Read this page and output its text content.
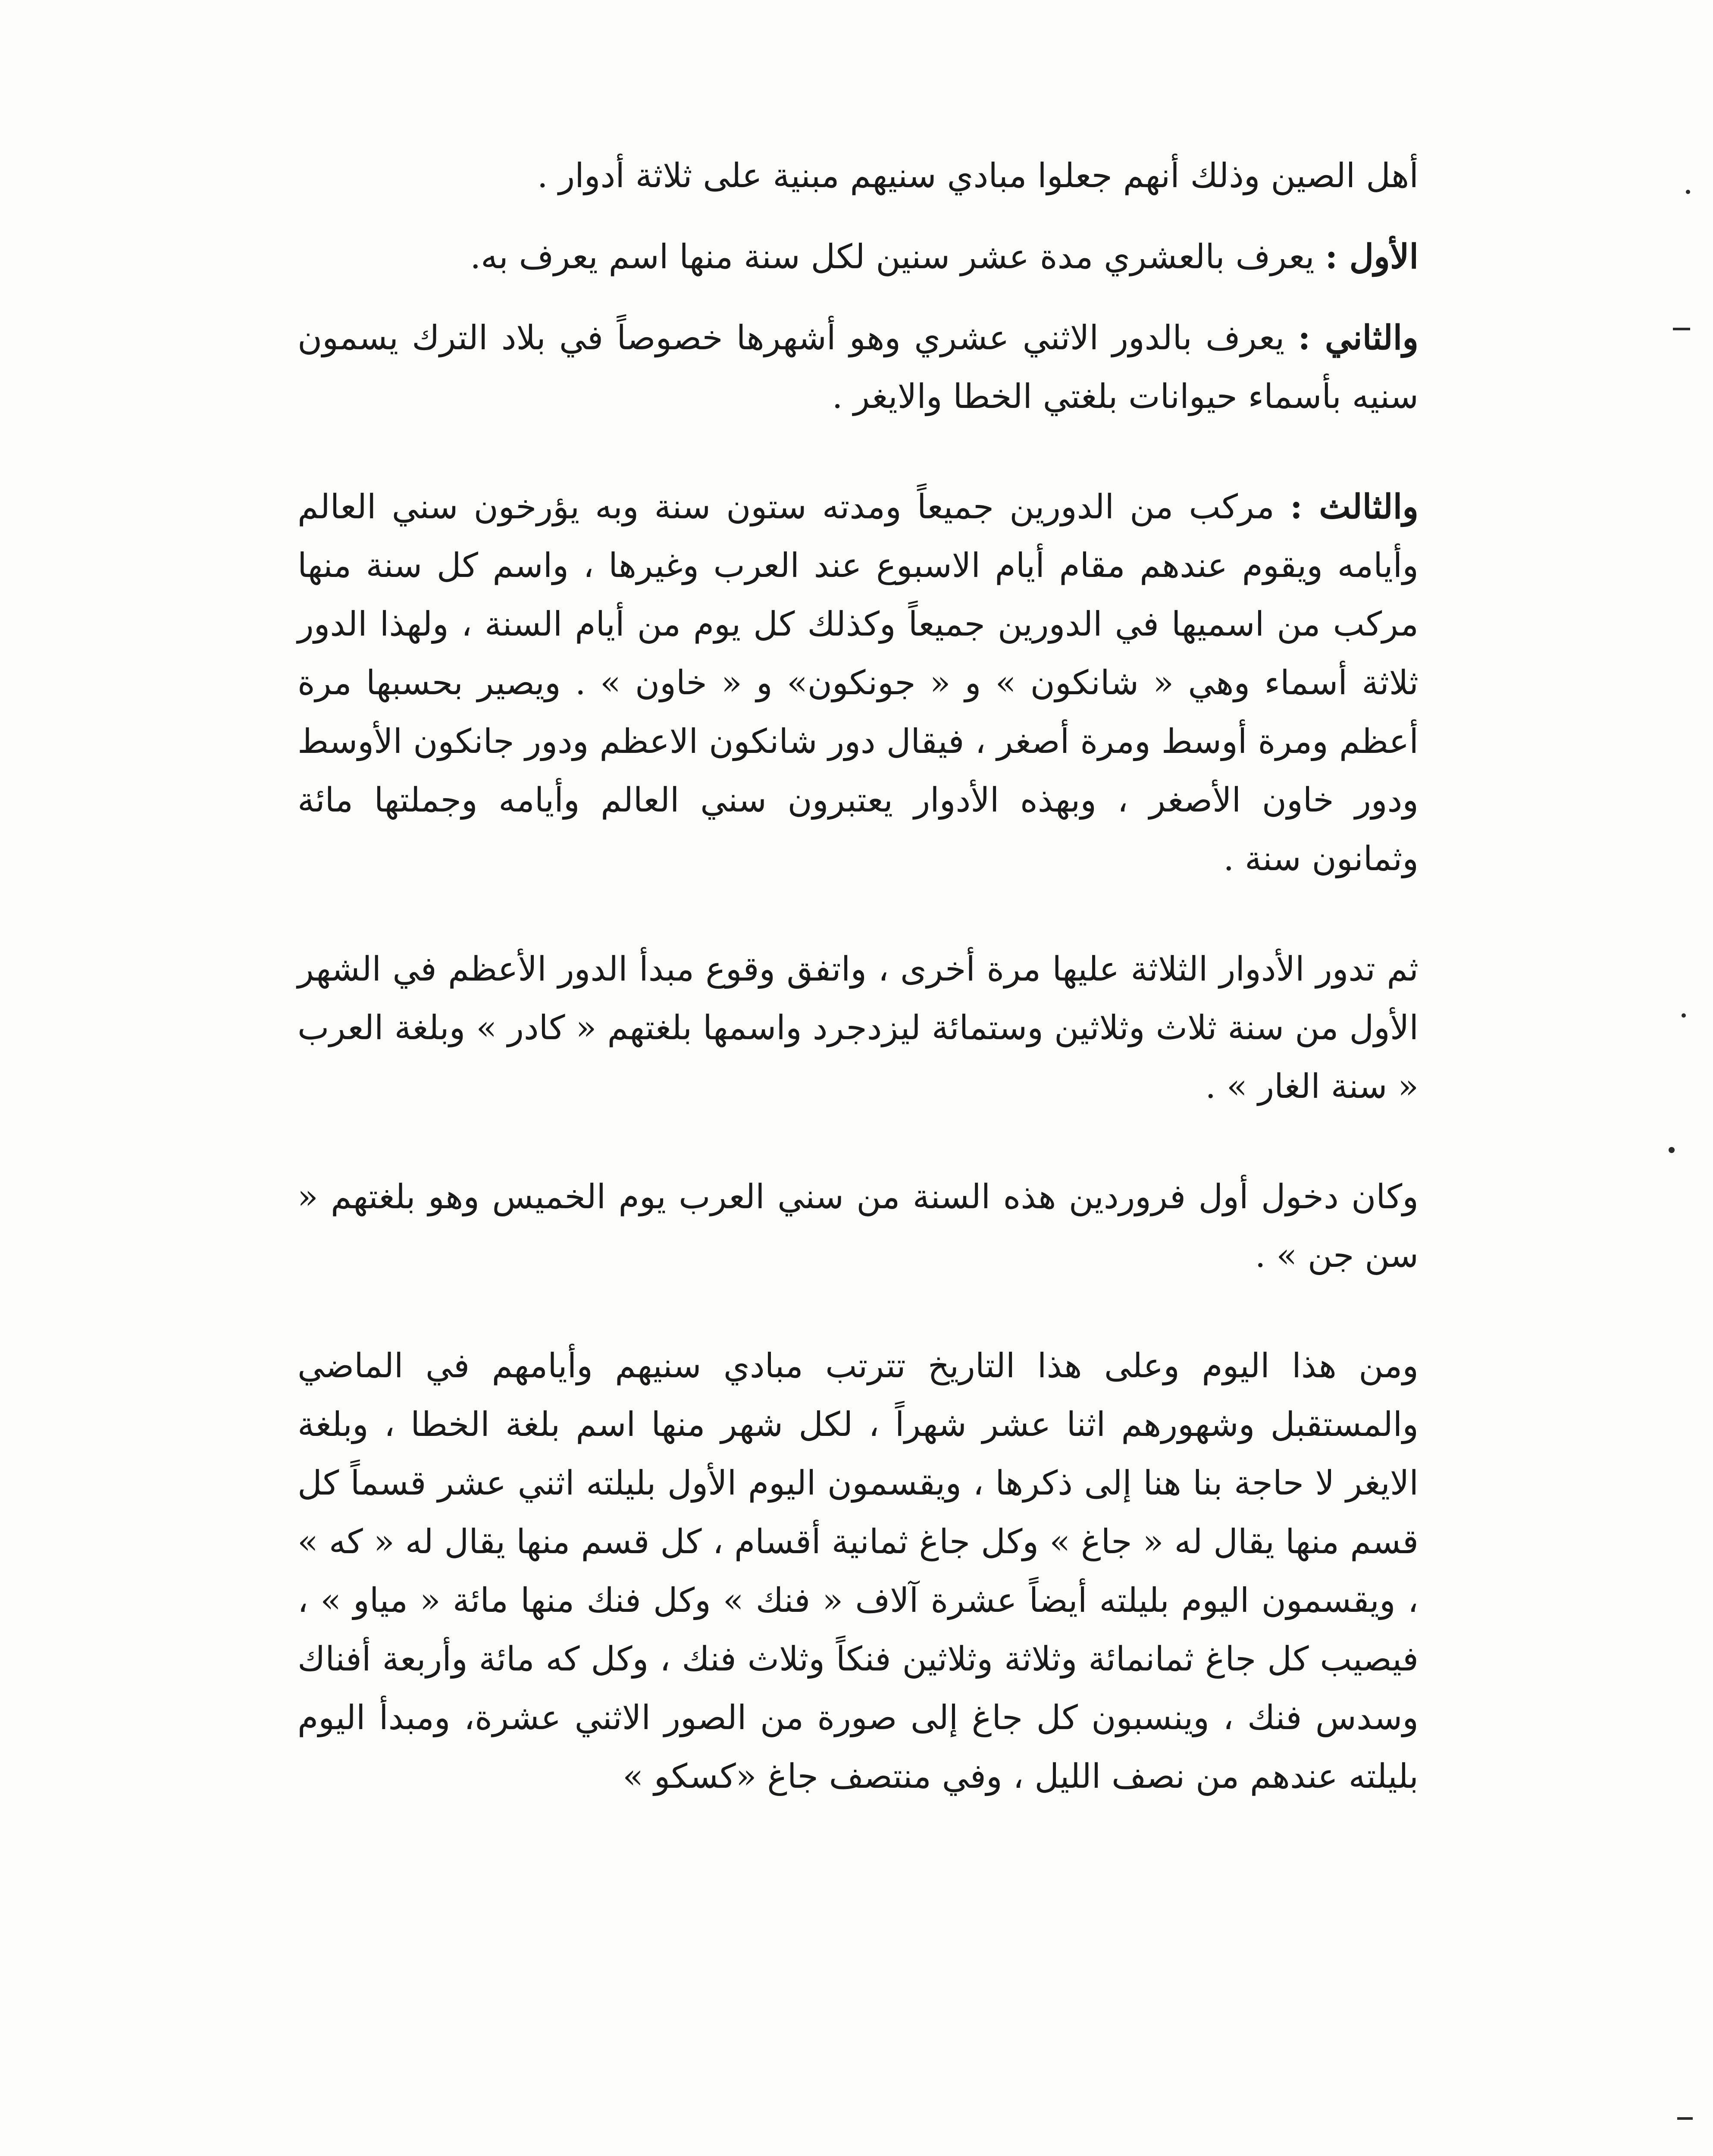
أهل الصين وذلك أنهم جعلوا مبادي سنيهم مبنية على ثلاثة أدوار .

الأول : يعرف بالعشري مدة عشر سنين لكل سنة منها اسم يعرف به.

والثاني : يعرف بالدور الاثني عشري وهو أشهرها خصوصاً في بلاد الترك يسمون سنيه بأسماء حيوانات بلغتي الخطا والايغر .

والثالث : مركب من الدورين جميعاً ومدته ستون سنة وبه يؤرخون سني العالم وأيامه ويقوم عندهم مقام أيام الاسبوع عند العرب وغيرها ، واسم كل سنة منها مركب من اسميها في الدورين جميعاً وكذلك كل يوم من أيام السنة ، ولهذا الدور ثلاثة أسماء وهي « شانكون » و « جونكون» و « خاون » . ويصير بحسبها مرة أعظم ومرة أوسط ومرة أصغر ، فيقال دور شانكون الاعظم ودور جانكون الأوسط ودور خاون الأصغر ، وبهذه الأدوار يعتبرون سني العالم وأيامه وجملتها مائة وثمانون سنة .

ثم تدور الأدوار الثلاثة عليها مرة أخرى ، واتفق وقوع مبدأ الدور الأعظم في الشهر الأول من سنة ثلاث وثلاثين وستمائة ليزدجرد واسمها بلغتهم « كادر » وبلغة العرب « سنة الغار » .

وكان دخول أول فروردين هذه السنة من سني العرب يوم الخميس وهو بلغتهم « سن جن » .

ومن هذا اليوم وعلى هذا التاريخ تترتب مبادي سنيهم وأيامهم في الماضي والمستقبل وشهورهم اثنا عشر شهراً ، لكل شهر منها اسم بلغة الخطا ، وبلغة الايغر لا حاجة بنا هنا إلى ذكرها ، ويقسمون اليوم الأول بليلته اثني عشر قسماً كل قسم منها يقال له « جاغ » وكل جاغ ثمانية أقسام ، كل قسم منها يقال له « كه » ، ويقسمون اليوم بليلته أيضاً عشرة آلاف « فنك » وكل فنك منها مائة « مياو » ، فيصيب كل جاغ ثمانمائة وثلاثة وثلاثين فنكاً وثلاث فنك ، وكل كه مائة وأربعة أفناك وسدس فنك ، وينسبون كل جاغ إلى صورة من الصور الاثني عشرة، ومبدأ اليوم بليلته عندهم من نصف الليل ، وفي منتصف جاغ «كسكو »
